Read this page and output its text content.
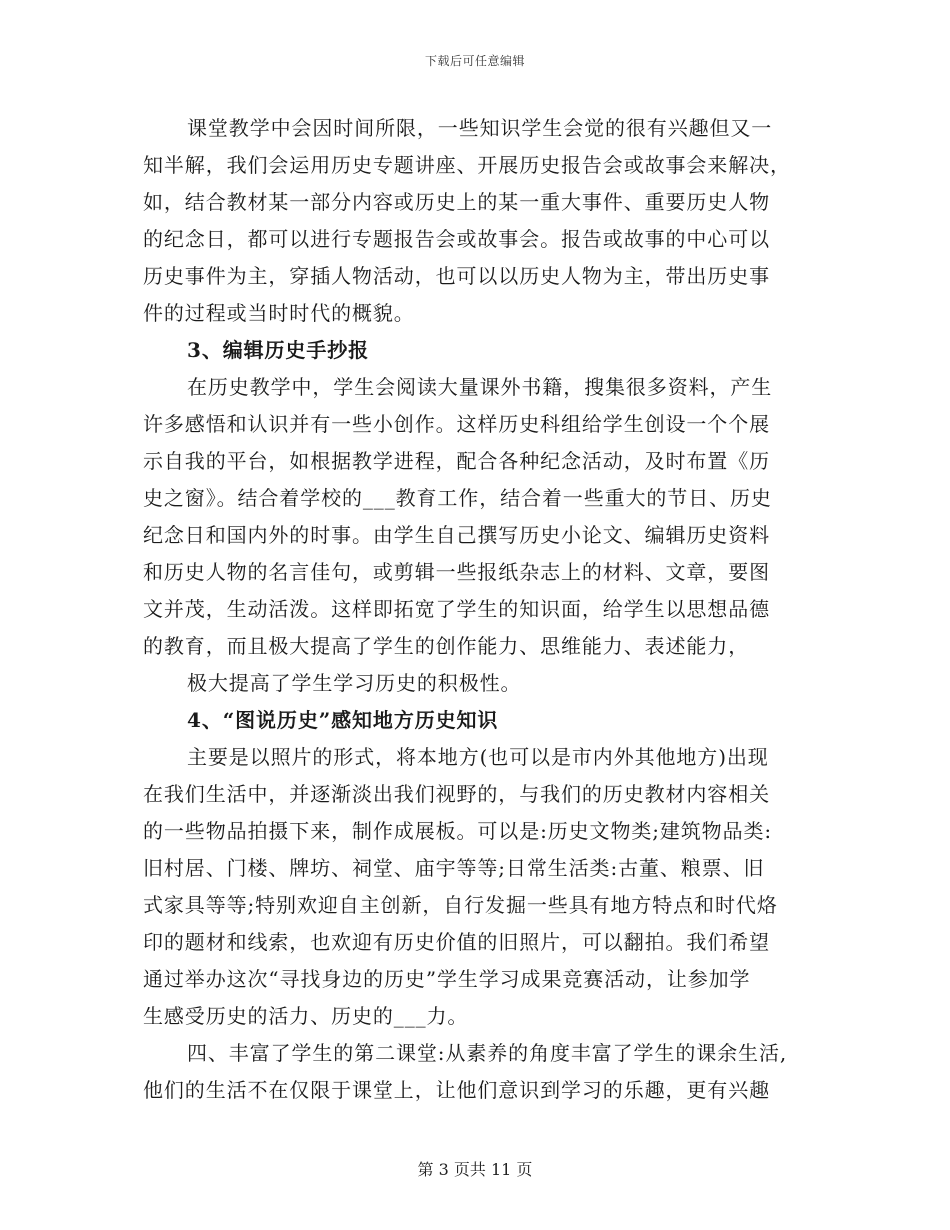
下载后可任意编辑
课堂教学中会因时间所限，一些知识学生会觉的很有兴趣但又一
知半解，我们会运用历史专题讲座、开展历史报告会或故事会来解决，
如，结合教材某一部分内容或历史上的某一重大事件、重要历史人物
的纪念日，都可以进行专题报告会或故事会。报告或故事的中心可以
历史事件为主，穿插人物活动，也可以以历史人物为主，带出历史事
件的过程或当时时代的概貌。
3、编辑历史手抄报
在历史教学中，学生会阅读大量课外书籍，搜集很多资料，产生
许多感悟和认识并有一些小创作。这样历史科组给学生创设一个个展
示自我的平台，如根据教学进程，配合各种纪念活动，及时布置《历
史之窗》。结合着学校的___教育工作，结合着一些重大的节日、历史
纪念日和国内外的时事。由学生自己撰写历史小论文、编辑历史资料
和历史人物的名言佳句，或剪辑一些报纸杂志上的材料、文章，要图
文并茂，生动活泼。这样即拓宽了学生的知识面，给学生以思想品德
的教育，而且极大提高了学生的创作能力、思维能力、表述能力，
极大提高了学生学习历史的积极性。
4、“图说历史”感知地方历史知识
主要是以照片的形式，将本地方(也可以是市内外其他地方)出现
在我们生活中，并逐渐淡出我们视野的，与我们的历史教材内容相关
的一些物品拍摄下来，制作成展板。可以是:历史文物类;建筑物品类:
旧村居、门楼、牌坊、祠堂、庙宇等等;日常生活类:古董、粮票、旧
式家具等等;特别欢迎自主创新，自行发掘一些具有地方特点和时代烙
印的题材和线索，也欢迎有历史价值的旧照片，可以翻拍。我们希望
通过举办这次“寻找身边的历史”学生学习成果竞赛活动，让参加学
生感受历史的活力、历史的___力。
四、丰富了学生的第二课堂:从素养的角度丰富了学生的课余生活,
他们的生活不在仅限于课堂上，让他们意识到学习的乐趣，更有兴趣
第 3 页共 11 页
